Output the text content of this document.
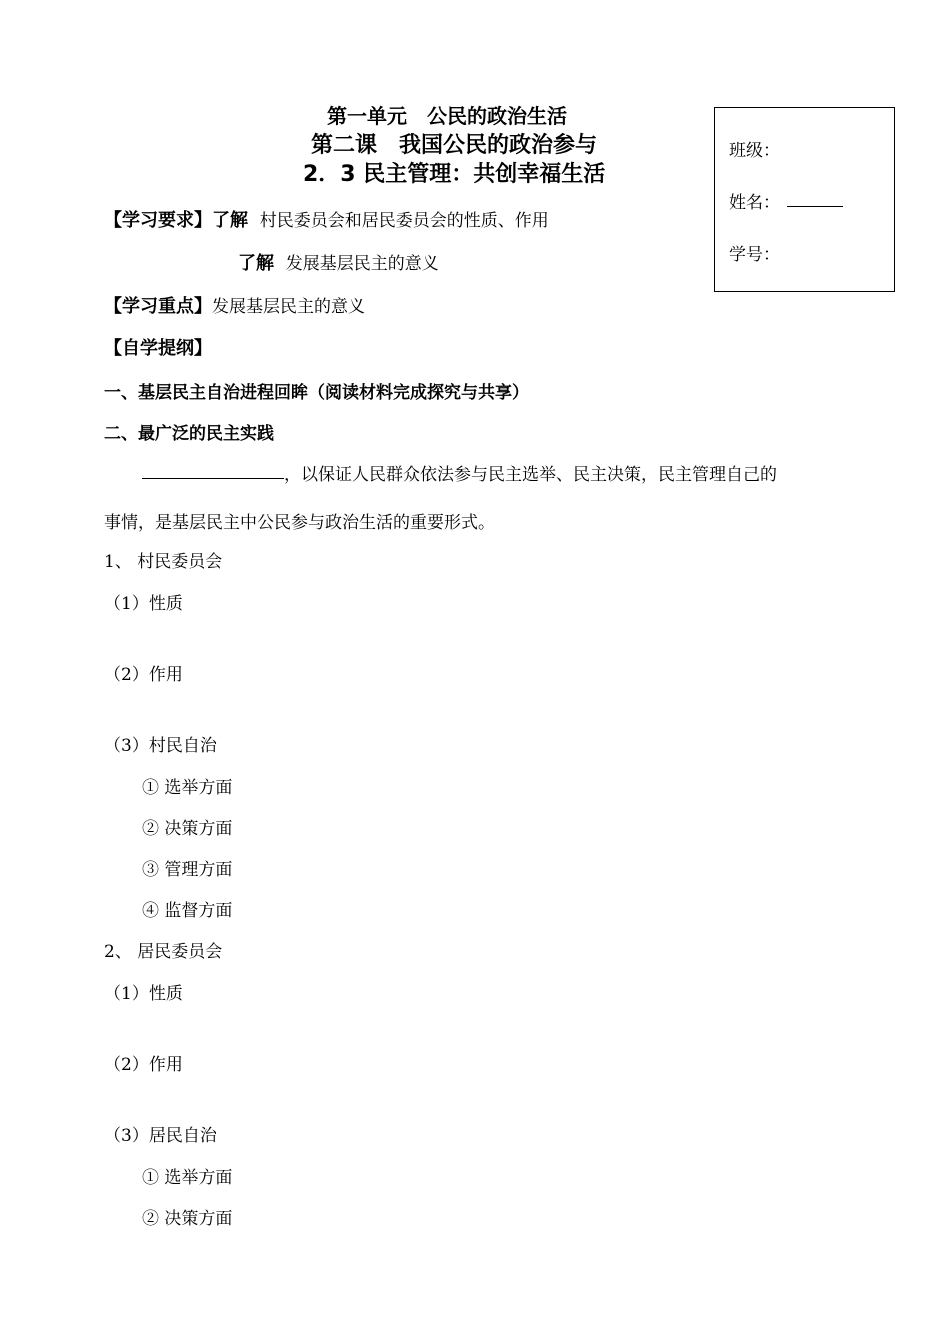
第一单元　公民的政治生活
第二课　我国公民的政治参与
2．3 民主管理：共创幸福生活
班级：
姓名：
学号：
【学习要求】了解 村民委员会和居民委员会的性质、作用
了解 发展基层民主的意义
【学习重点】发展基层民主的意义
【自学提纲】
一、基层民主自治进程回眸（阅读材料完成探究与共享）
二、最广泛的民主实践
，以保证人民群众依法参与民主选举、民主决策，民主管理自己的
事情，是基层民主中公民参与政治生活的重要形式。
1、 村民委员会
（1）性质
（2）作用
（3）村民自治
① 选举方面
② 决策方面
③ 管理方面
④ 监督方面
2、 居民委员会
（1）性质
（2）作用
（3）居民自治
① 选举方面
② 决策方面
